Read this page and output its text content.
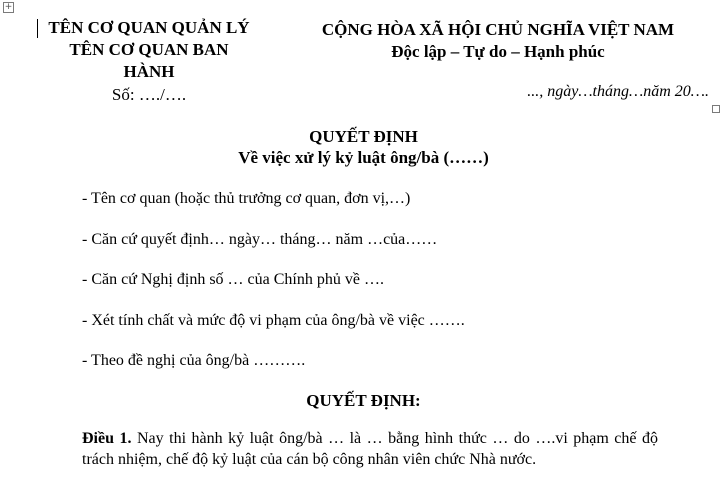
+
TÊN CƠ QUAN QUẢN LÝ
TÊN CƠ QUAN BAN
HÀNH
Số: …./….
CỘNG HÒA XÃ HỘI CHỦ NGHĨA VIỆT NAM
Độc lập – Tự do – Hạnh phúc
..., ngày…tháng…năm 20….
QUYẾT ĐỊNH
Về việc xử lý kỷ luật ông/bà (……)
- Tên cơ quan (hoặc thủ trưởng cơ quan, đơn vị,…)
- Căn cứ quyết định… ngày… tháng… năm …của……
- Căn cứ Nghị định số … của Chính phủ về ….
- Xét tính chất và mức độ vi phạm của ông/bà về việc …….
- Theo đề nghị của ông/bà ……….
QUYẾT ĐỊNH:
Điều 1. Nay thi hành kỷ luật ông/bà … là … bằng hình thức … do ….vi phạm chế độ trách nhiệm, chế độ kỷ luật của cán bộ công nhân viên chức Nhà nước.
